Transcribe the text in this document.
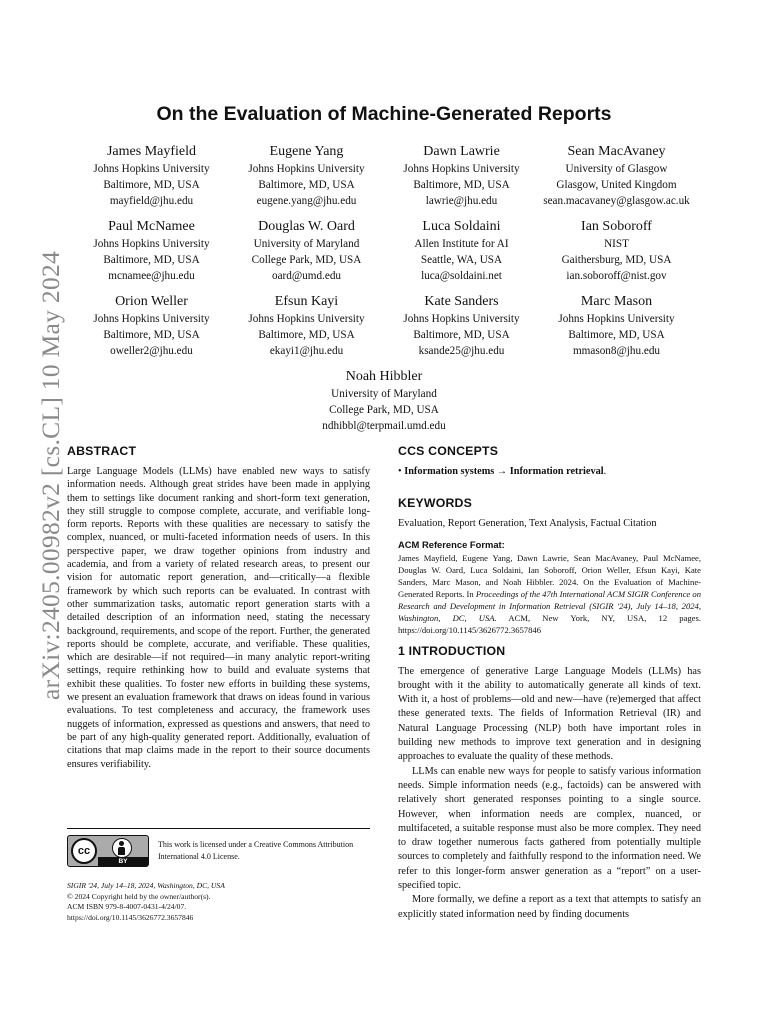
arXiv:2405.00982v2 [cs.CL] 10 May 2024
On the Evaluation of Machine-Generated Reports
James Mayfield
Johns Hopkins University
Baltimore, MD, USA
mayfield@jhu.edu
Eugene Yang
Johns Hopkins University
Baltimore, MD, USA
eugene.yang@jhu.edu
Dawn Lawrie
Johns Hopkins University
Baltimore, MD, USA
lawrie@jhu.edu
Sean MacAvaney
University of Glasgow
Glasgow, United Kingdom
sean.macavaney@glasgow.ac.uk
Paul McNamee
Johns Hopkins University
Baltimore, MD, USA
mcnamee@jhu.edu
Douglas W. Oard
University of Maryland
College Park, MD, USA
oard@umd.edu
Luca Soldaini
Allen Institute for AI
Seattle, WA, USA
luca@soldaini.net
Ian Soboroff
NIST
Gaithersburg, MD, USA
ian.soboroff@nist.gov
Orion Weller
Johns Hopkins University
Baltimore, MD, USA
oweller2@jhu.edu
Efsun Kayi
Johns Hopkins University
Baltimore, MD, USA
ekayi1@jhu.edu
Kate Sanders
Johns Hopkins University
Baltimore, MD, USA
ksande25@jhu.edu
Marc Mason
Johns Hopkins University
Baltimore, MD, USA
mmason8@jhu.edu
Noah Hibbler
University of Maryland
College Park, MD, USA
ndhibbl@terpmail.umd.edu
ABSTRACT

Large Language Models (LLMs) have enabled new ways to satisfy information needs. Although great strides have been made in applying them to settings like document ranking and short-form text generation, they still struggle to compose complete, accurate, and verifiable long-form reports. Reports with these qualities are necessary to satisfy the complex, nuanced, or multi-faceted information needs of users. In this perspective paper, we draw together opinions from industry and academia, and from a variety of related research areas, to present our vision for automatic report generation, and—critically—a flexible framework by which such reports can be evaluated. In contrast with other summarization tasks, automatic report generation starts with a detailed description of an information need, stating the necessary background, requirements, and scope of the report. Further, the generated reports should be complete, accurate, and verifiable. These qualities, which are desirable—if not required—in many analytic report-writing settings, require rethinking how to build and evaluate systems that exhibit these qualities. To foster new efforts in building these systems, we present an evaluation framework that draws on ideas found in various evaluations. To test completeness and accuracy, the framework uses nuggets of information, expressed as questions and answers, that need to be part of any high-quality generated report. Additionally, evaluation of citations that map claims made in the report to their source documents ensures verifiability.

cc
BY
This work is licensed under a Creative Commons Attribution International 4.0 License.
SIGIR '24, July 14–18, 2024, Washington, DC, USA
© 2024 Copyright held by the owner/author(s).
ACM ISBN 979-8-4007-0431-4/24/07.
https://doi.org/10.1145/3626772.3657846
CCS CONCEPTS

• Information systems → Information retrieval.

KEYWORDS

Evaluation, Report Generation, Text Analysis, Factual Citation

ACM Reference Format:

James Mayfield, Eugene Yang, Dawn Lawrie, Sean MacAvaney, Paul McNamee, Douglas W. Oard, Luca Soldaini, Ian Soboroff, Orion Weller, Efsun Kayi, Kate Sanders, Marc Mason, and Noah Hibbler. 2024. On the Evaluation of Machine-Generated Reports. In Proceedings of the 47th International ACM SIGIR Conference on Research and Development in Information Retrieval (SIGIR '24), July 14–18, 2024, Washington, DC, USA. ACM, New York, NY, USA, 12 pages. https://doi.org/10.1145/3626772.3657846

1 INTRODUCTION

The emergence of generative Large Language Models (LLMs) has brought with it the ability to automatically generate all kinds of text. With it, a host of problems—old and new—have (re)emerged that affect these generated texts. The fields of Information Retrieval (IR) and Natural Language Processing (NLP) both have important roles in building new methods to improve text generation and in designing approaches to evaluate the quality of these methods.

LLMs can enable new ways for people to satisfy various information needs. Simple information needs (e.g., factoids) can be answered with relatively short generated responses pointing to a single source. However, when information needs are complex, nuanced, or multifaceted, a suitable response must also be more complex. They need to draw together numerous facts gathered from potentially multiple sources to completely and faithfully respond to the information need. We refer to this longer-form answer generation as a “report” on a user-specified topic.

More formally, we define a report as a text that attempts to satisfy an explicitly stated information need by finding documents
